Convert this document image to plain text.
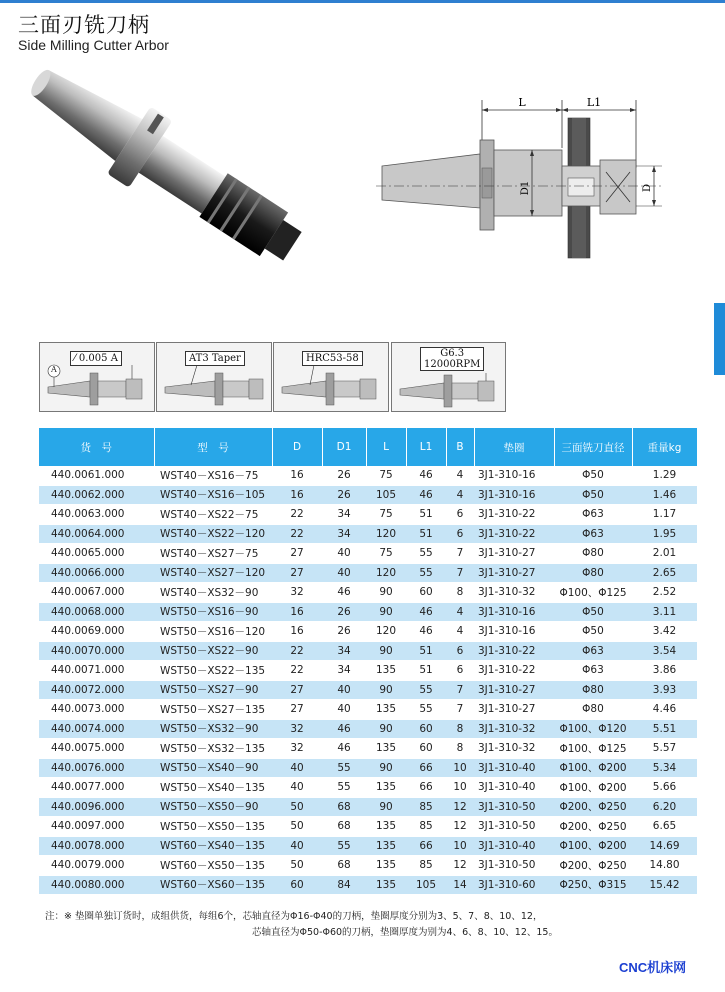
三面刃铣刀柄
Side Milling Cutter Arbor
L	L1
D1	D
A
⁄ 0.005 A	AT3 Taper	HRC53-58	G6.3
12000RPM
货　号	型　号	D	D1	L	L1	B	垫圈	三面铣刀直径	重量kg
440.0061.000	WST40－XS16－75	16	26	75	46	4	3J1-310-16	Φ50	1.29
440.0062.000	WST40－XS16－105	16	26	105	46	4	3J1-310-16	Φ50	1.46
440.0063.000	WST40－XS22－75	22	34	75	51	6	3J1-310-22	Φ63	1.17
440.0064.000	WST40－XS22－120	22	34	120	51	6	3J1-310-22	Φ63	1.95
440.0065.000	WST40－XS27－75	27	40	75	55	7	3J1-310-27	Φ80	2.01
440.0066.000	WST40－XS27－120	27	40	120	55	7	3J1-310-27	Φ80	2.65
440.0067.000	WST40－XS32－90	32	46	90	60	8	3J1-310-32	Φ100、Φ125	2.52
440.0068.000	WST50－XS16－90	16	26	90	46	4	3J1-310-16	Φ50	3.11
440.0069.000	WST50－XS16－120	16	26	120	46	4	3J1-310-16	Φ50	3.42
440.0070.000	WST50－XS22－90	22	34	90	51	6	3J1-310-22	Φ63	3.54
440.0071.000	WST50－XS22－135	22	34	135	51	6	3J1-310-22	Φ63	3.86
440.0072.000	WST50－XS27－90	27	40	90	55	7	3J1-310-27	Φ80	3.93
440.0073.000	WST50－XS27－135	27	40	135	55	7	3J1-310-27	Φ80	4.46
440.0074.000	WST50－XS32－90	32	46	90	60	8	3J1-310-32	Φ100、Φ120	5.51
440.0075.000	WST50－XS32－135	32	46	135	60	8	3J1-310-32	Φ100、Φ125	5.57
440.0076.000	WST50－XS40－90	40	55	90	66	10	3J1-310-40	Φ100、Φ200	5.34
440.0077.000	WST50－XS40－135	40	55	135	66	10	3J1-310-40	Φ100、Φ200	5.66
440.0096.000	WST50－XS50－90	50	68	90	85	12	3J1-310-50	Φ200、Φ250	6.20
440.0097.000	WST50－XS50－135	50	68	135	85	12	3J1-310-50	Φ200、Φ250	6.65
440.0078.000	WST60－XS40－135	40	55	135	66	10	3J1-310-40	Φ100、Φ200	14.69
440.0079.000	WST60－XS50－135	50	68	135	85	12	3J1-310-50	Φ200、Φ250	14.80
440.0080.000	WST60－XS60－135	60	84	135	105	14	3J1-310-60	Φ250、Φ315	15.42
注：※ 垫圈单独订货时，成组供货，每组6个，芯轴直径为Φ16-Φ40的刀柄，垫圈厚度分别为3、5、7、8、10、12，
芯轴直径为Φ50-Φ60的刀柄，垫圈厚度为别为4、6、8、10、12、15。
CNC机床网
